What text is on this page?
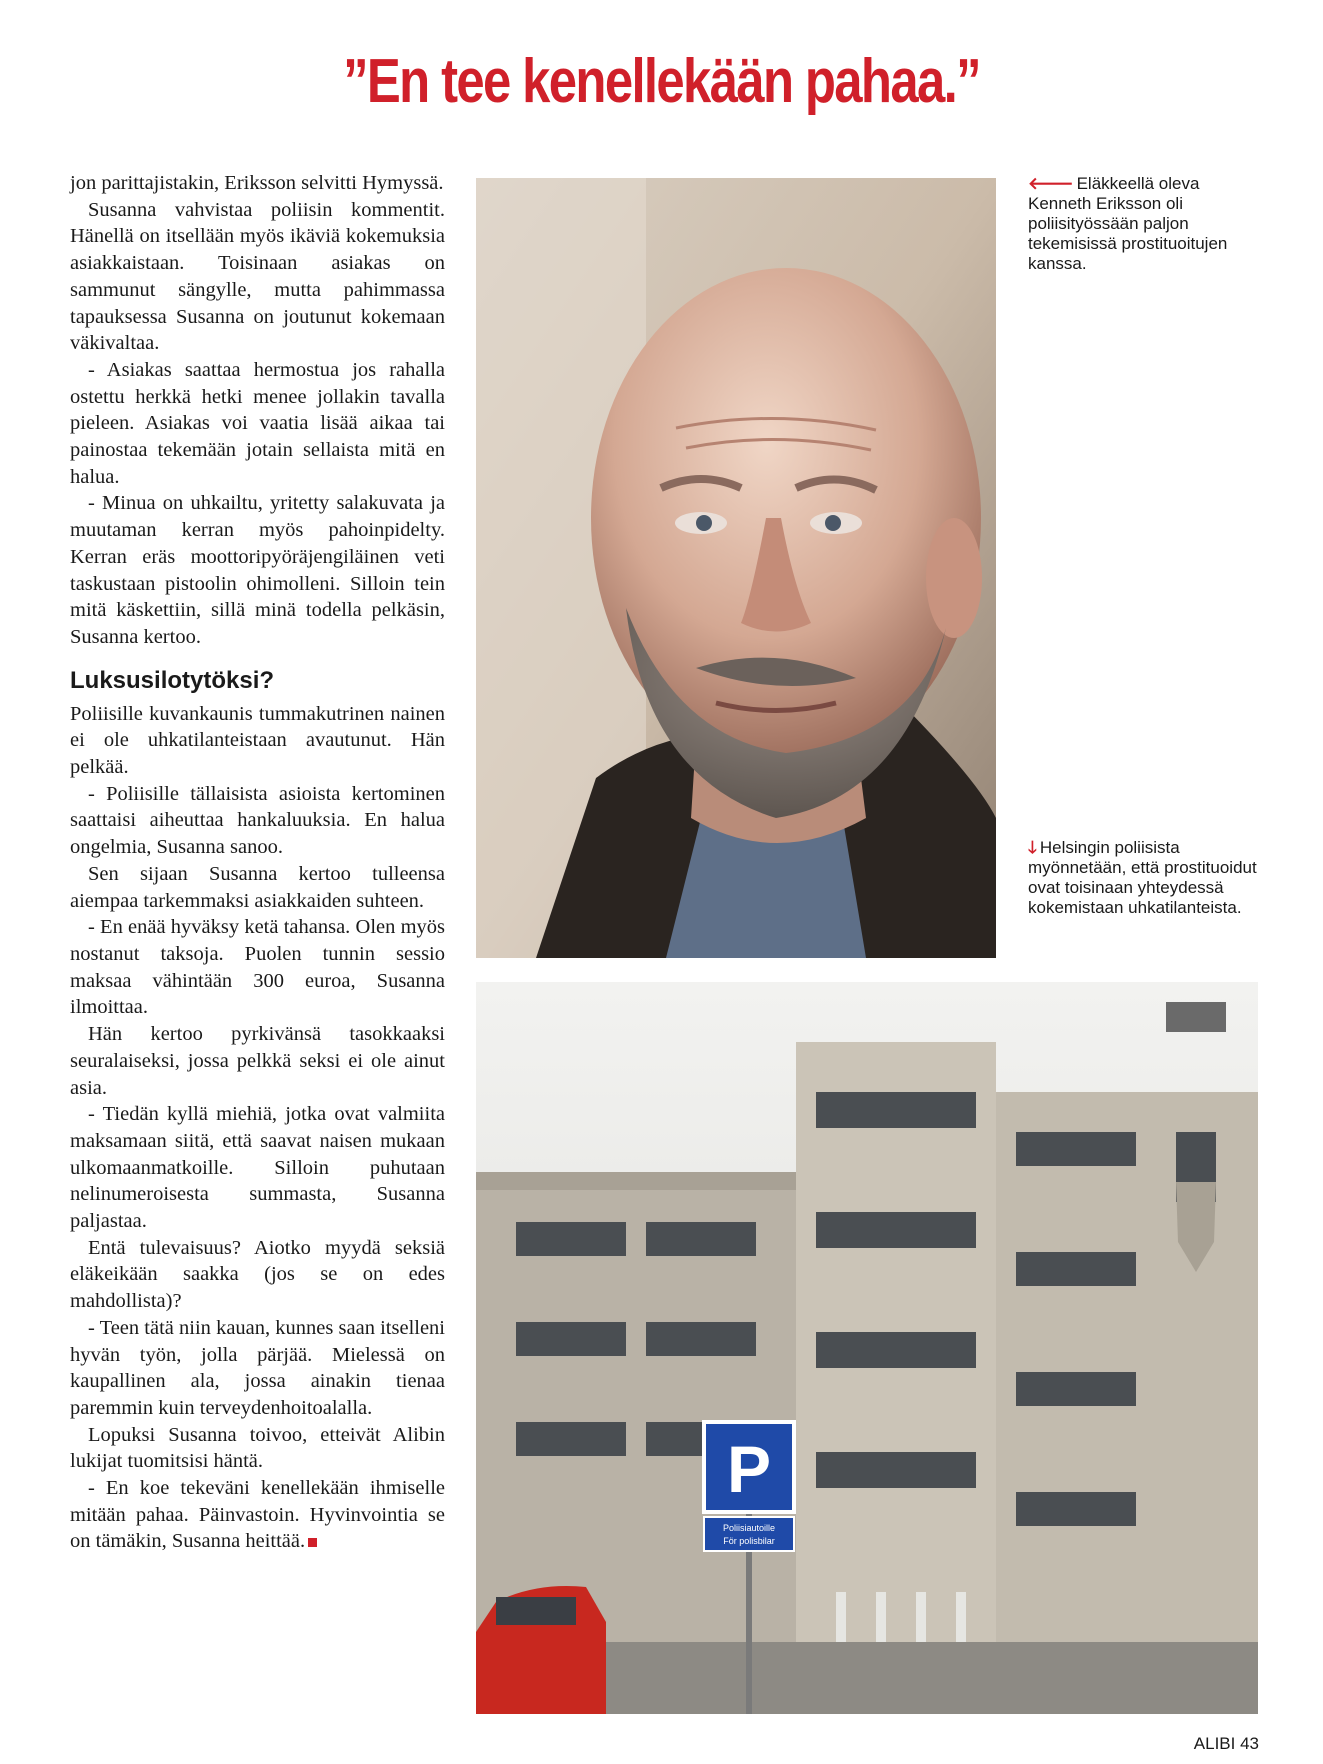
”En tee kenellekään pahaa.”

jon parittajistakin, Eriksson selvitti Hymyssä.

Susanna vahvistaa poliisin kommentit. Hänellä on itsellään myös ikäviä kokemuksia asiakkaistaan. Toisinaan asiakas on sammunut sängylle, mutta pahimmassa tapauksessa Susanna on joutunut kokemaan väkivaltaa.

- Asiakas saattaa hermostua jos rahalla ostettu herkkä hetki menee jollakin tavalla pieleen. Asiakas voi vaatia lisää aikaa tai painostaa tekemään jotain sellaista mitä en halua.

- Minua on uhkailtu, yritetty salakuvata ja muutaman kerran myös pahoinpidelty. Kerran eräs moottoripyöräjengiläinen veti taskustaan pistoolin ohimolleni. Silloin tein mitä käskettiin, sillä minä todella pelkäsin, Susanna kertoo.

Luksusilotytöksi?

Poliisille kuvankaunis tummakutrinen nainen ei ole uhkatilanteistaan avautunut. Hän pelkää.

- Poliisille tällaisista asioista kertominen saattaisi aiheuttaa hankaluuksia. En halua ongelmia, Susanna sanoo.

Sen sijaan Susanna kertoo tulleensa aiempaa tarkemmaksi asiakkaiden suhteen.

- En enää hyväksy ketä tahansa. Olen myös nostanut taksoja. Puolen tunnin sessio maksaa vähintään 300 euroa, Susanna ilmoittaa.

Hän kertoo pyrkivänsä tasokkaaksi seuralaiseksi, jossa pelkkä seksi ei ole ainut asia.

- Tiedän kyllä miehiä, jotka ovat valmiita maksamaan siitä, että saavat naisen mukaan ulkomaanmatkoille. Silloin puhutaan nelinumeroisesta summasta, Susanna paljastaa.

Entä tulevaisuus? Aiotko myydä seksiä eläkeikään saakka (jos se on edes mahdollista)?

- Teen tätä niin kauan, kunnes saan itselleni hyvän työn, jolla pärjää. Mielessä on kaupallinen ala, jossa ainakin tienaa paremmin kuin terveydenhoitoalalla.

Lopuksi Susanna toivoo, etteivät Alibin lukijat tuomitsisi häntä.

- En koe tekeväni kenellekään ihmiselle mitään pahaa. Päinvastoin. Hyvinvointia se on tämäkin, Susanna heittää.

P
Poliisiautoille
För polisbilar

🡐 Eläkkeellä oleva Kenneth Eriksson oli poliisityössään paljon tekemisissä prostituoitujen kanssa.

🡓 Helsingin poliisista myönnetään, että prostituoidut ovat toisinaan yhteydessä kokemistaan uhkatilanteista.

ALIBI 43
